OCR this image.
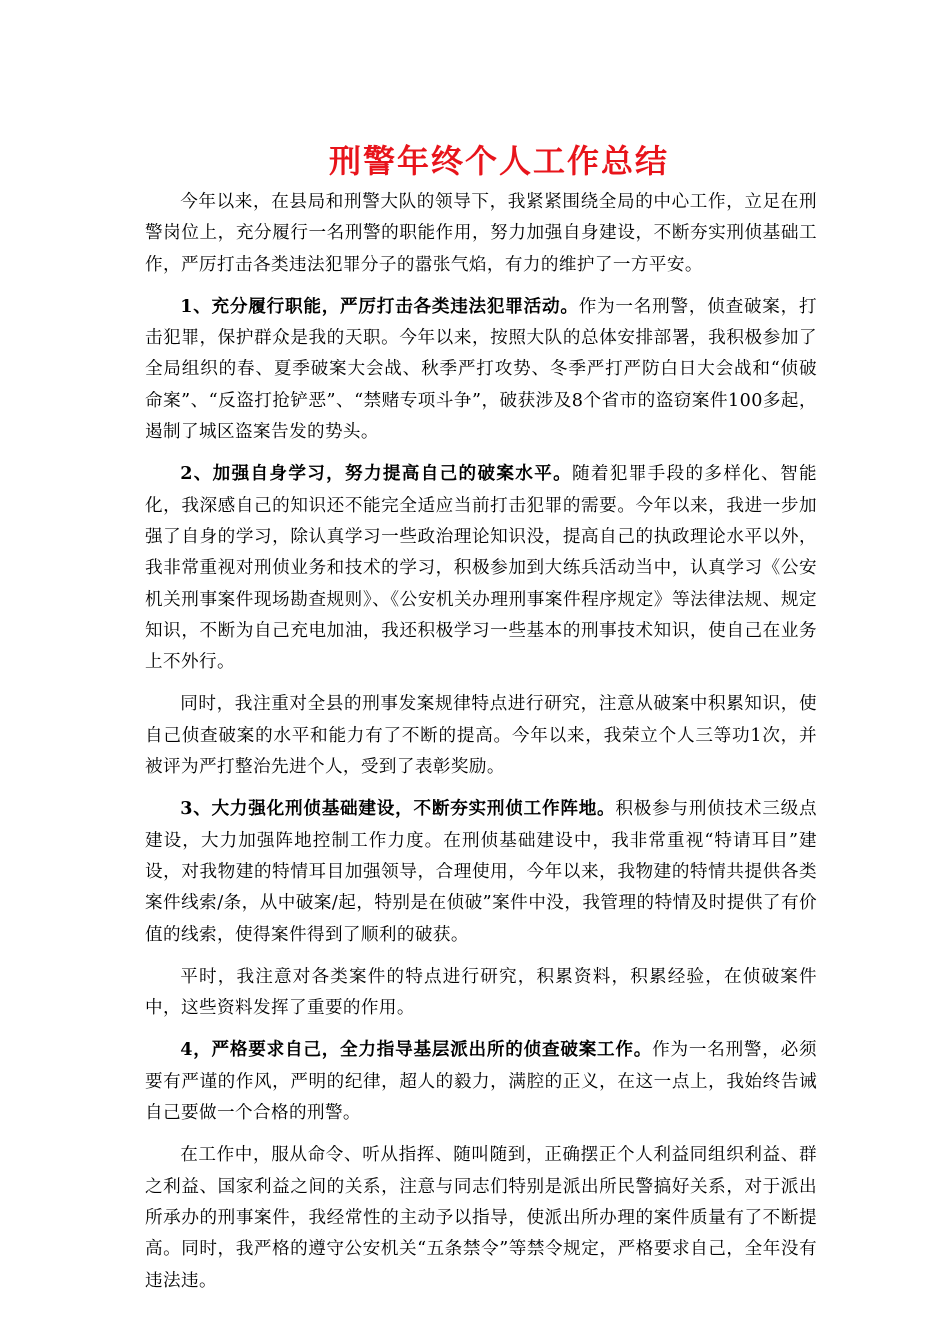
刑警年终个人工作总结

今年以来，在县局和刑警大队的领导下，我紧紧围绕全局的中心工作，立足在刑警岗位上，充分履行一名刑警的职能作用，努力加强自身建设，不断夯实刑侦基础工作，严厉打击各类违法犯罪分子的嚣张气焰，有力的维护了一方平安。

1、充分履行职能，严厉打击各类违法犯罪活动。作为一名刑警，侦查破案，打击犯罪，保护群众是我的天职。今年以来，按照大队的总体安排部署，我积极参加了全局组织的春、夏季破案大会战、秋季严打攻势、冬季严打严防白日大会战和“侦破命案”、“反盗打抢铲恶”、“禁赌专项斗争”，破获涉及8个省市的盗窃案件100多起，遏制了城区盗案告发的势头。

2、加强自身学习，努力提高自己的破案水平。随着犯罪手段的多样化、智能化，我深感自己的知识还不能完全适应当前打击犯罪的需要。今年以来，我进一步加强了自身的学习，除认真学习一些政治理论知识没，提高自己的执政理论水平以外，我非常重视对刑侦业务和技术的学习，积极参加到大练兵活动当中，认真学习《公安机关刑事案件现场勘查规则》、《公安机关办理刑事案件程序规定》等法律法规、规定知识，不断为自己充电加油，我还积极学习一些基本的刑事技术知识，使自己在业务上不外行。

同时，我注重对全县的刑事发案规律特点进行研究，注意从破案中积累知识，使自己侦查破案的水平和能力有了不断的提高。今年以来，我荣立个人三等功1次，并被评为严打整治先进个人，受到了表彰奖励。

3、大力强化刑侦基础建设，不断夯实刑侦工作阵地。积极参与刑侦技术三级点建设，大力加强阵地控制工作力度。在刑侦基础建设中，我非常重视“特请耳目”建设，对我物建的特情耳目加强领导，合理使用，今年以来，我物建的特情共提供各类案件线索/条，从中破案/起，特别是在侦破”案件中没，我管理的特情及时提供了有价值的线索，使得案件得到了顺利的破获。

平时，我注意对各类案件的特点进行研究，积累资料，积累经验，在侦破案件中，这些资料发挥了重要的作用。

4，严格要求自己，全力指导基层派出所的侦查破案工作。作为一名刑警，必须要有严谨的作风，严明的纪律，超人的毅力，满腔的正义，在这一点上，我始终告诫自己要做一个合格的刑警。

在工作中，服从命令、听从指挥、随叫随到，正确摆正个人利益同组织利益、群之利益、国家利益之间的关系，注意与同志们特别是派出所民警搞好关系，对于派出所承办的刑事案件，我经常性的主动予以指导，使派出所办理的案件质量有了不断提高。同时，我严格的遵守公安机关“五条禁令”等禁令规定，严格要求自己，全年没有违法违。
